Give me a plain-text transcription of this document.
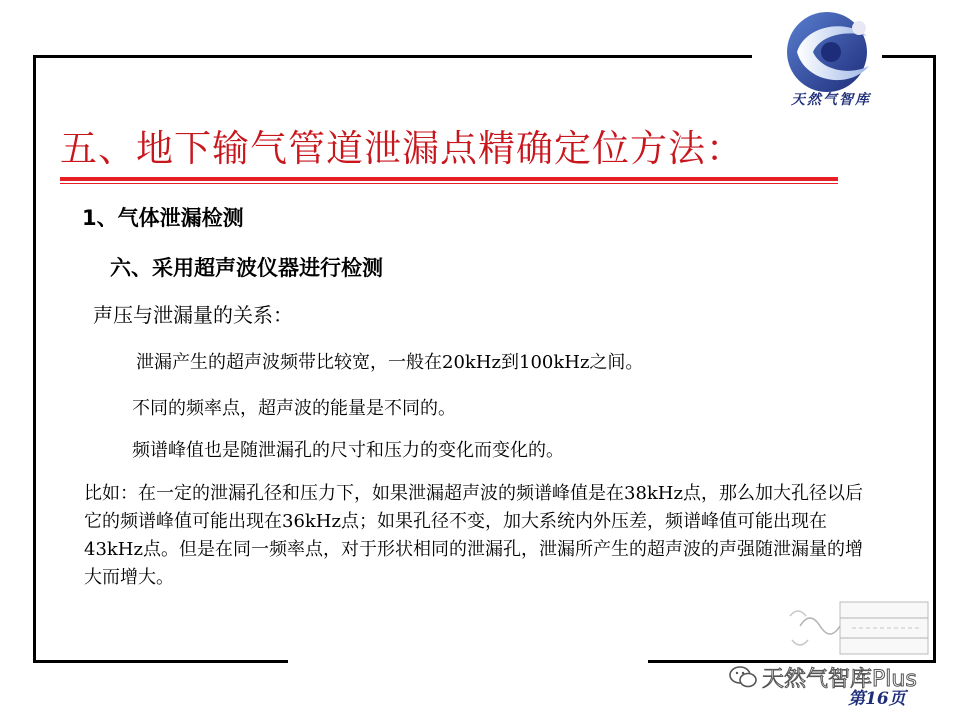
天然气智库
五、地下输气管道泄漏点精确定位方法：
1、气体泄漏检测
六、采用超声波仪器进行检测
声压与泄漏量的关系：
泄漏产生的超声波频带比较宽，一般在20kHz到100kHz之间。
不同的频率点，超声波的能量是不同的。
频谱峰值也是随泄漏孔的尺寸和压力的变化而变化的。
比如：在一定的泄漏孔径和压力下，如果泄漏超声波的频谱峰值是在38kHz点，那么加大孔径以后它的频谱峰值可能出现在36kHz点；如果孔径不变，加大系统内外压差，频谱峰值可能出现在43kHz点。但是在同一频率点，对于形状相同的泄漏孔，泄漏所产生的超声波的声强随泄漏量的增大而增大。
天然气智库Plus
第16页
